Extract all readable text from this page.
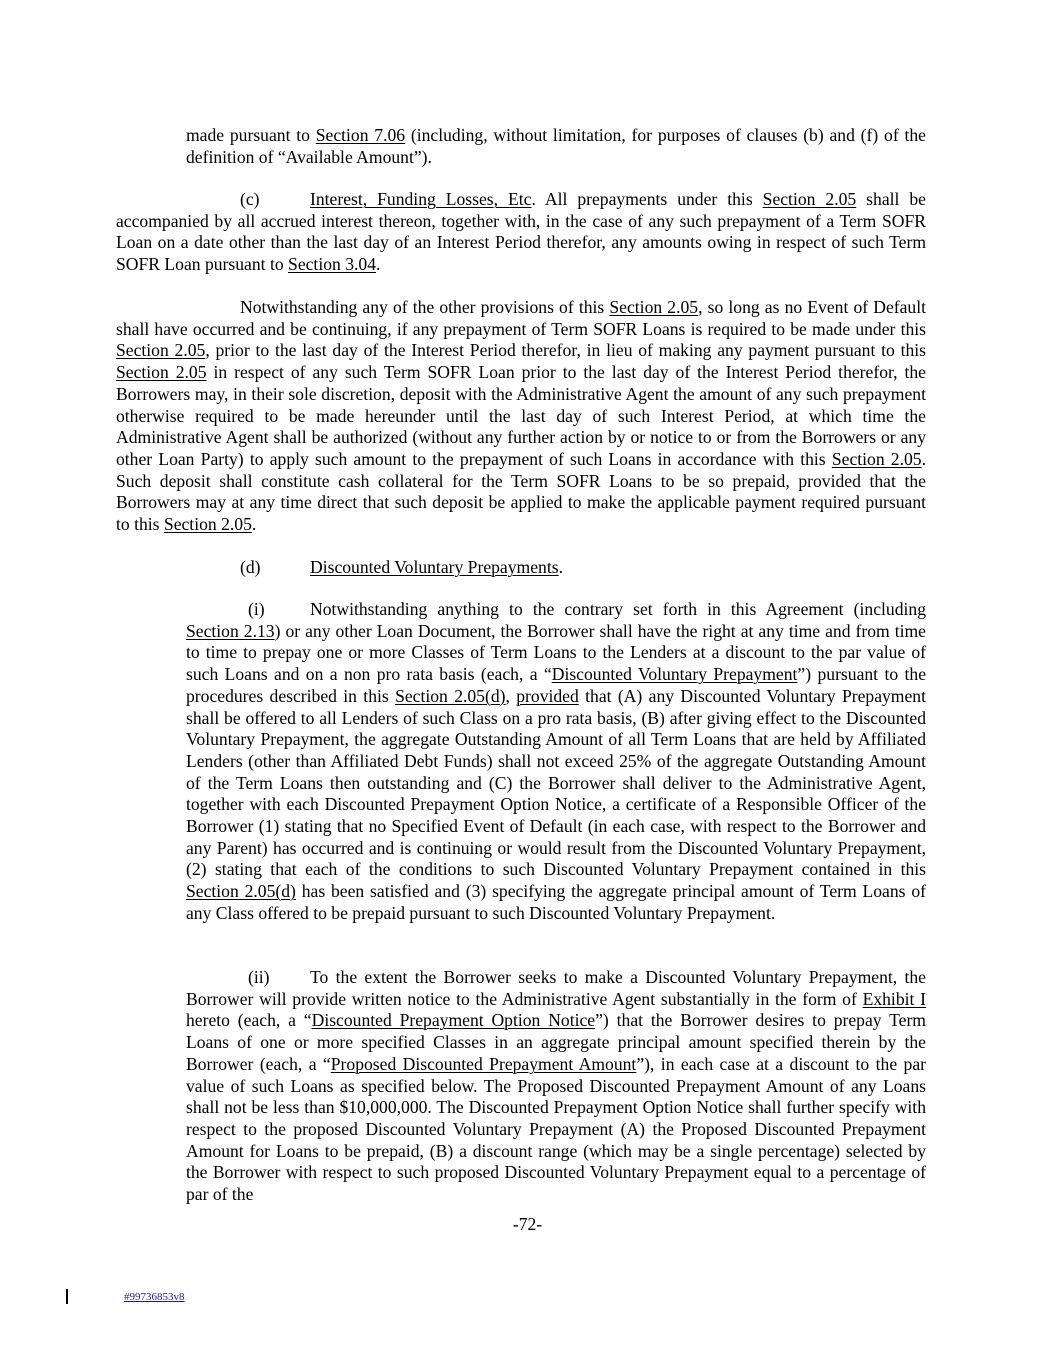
made pursuant to Section 7.06 (including, without limitation, for purposes of clauses (b) and (f) of the definition of “Available Amount”).

(c)	Interest, Funding Losses, Etc. All prepayments under this Section 2.05 shall be accompanied by all accrued interest thereon, together with, in the case of any such prepayment of a Term SOFR Loan on a date other than the last day of an Interest Period therefor, any amounts owing in respect of such Term SOFR Loan pursuant to Section 3.04.

Notwithstanding any of the other provisions of this Section 2.05, so long as no Event of Default shall have occurred and be continuing, if any prepayment of Term SOFR Loans is required to be made under this Section 2.05, prior to the last day of the Interest Period therefor, in lieu of making any payment pursuant to this Section 2.05 in respect of any such Term SOFR Loan prior to the last day of the Interest Period therefor, the Borrowers may, in their sole discretion, deposit with the Administrative Agent the amount of any such prepayment otherwise required to be made hereunder until the last day of such Interest Period, at which time the Administrative Agent shall be authorized (without any further action by or notice to or from the Borrowers or any other Loan Party) to apply such amount to the prepayment of such Loans in accordance with this Section 2.05. Such deposit shall constitute cash collateral for the Term SOFR Loans to be so prepaid, provided that the Borrowers may at any time direct that such deposit be applied to make the applicable payment required pursuant to this Section 2.05.

(d)	Discounted Voluntary Prepayments.

(i)	Notwithstanding anything to the contrary set forth in this Agreement (including Section 2.13) or any other Loan Document, the Borrower shall have the right at any time and from time to time to prepay one or more Classes of Term Loans to the Lenders at a discount to the par value of such Loans and on a non pro rata basis (each, a “Discounted Voluntary Prepayment”) pursuant to the procedures described in this Section 2.05(d), provided that (A) any Discounted Voluntary Prepayment shall be offered to all Lenders of such Class on a pro rata basis, (B) after giving effect to the Discounted Voluntary Prepayment, the aggregate Outstanding Amount of all Term Loans that are held by Affiliated Lenders (other than Affiliated Debt Funds) shall not exceed 25% of the aggregate Outstanding Amount of the Term Loans then outstanding and (C) the Borrower shall deliver to the Administrative Agent, together with each Discounted Prepayment Option Notice, a certificate of a Responsible Officer of the Borrower (1) stating that no Specified Event of Default (in each case, with respect to the Borrower and any Parent) has occurred and is continuing or would result from the Discounted Voluntary Prepayment, (2) stating that each of the conditions to such Discounted Voluntary Prepayment contained in this Section 2.05(d) has been satisfied and (3) specifying the aggregate principal amount of Term Loans of any Class offered to be prepaid pursuant to such Discounted Voluntary Prepayment.

(ii) To the extent the Borrower seeks to make a Discounted Voluntary Prepayment, the Borrower will provide written notice to the Administrative Agent substantially in the form of Exhibit I hereto (each, a “Discounted Prepayment Option Notice”) that the Borrower desires to prepay Term Loans of one or more specified Classes in an aggregate principal amount specified therein by the Borrower (each, a “Proposed Discounted Prepayment Amount”), in each case at a discount to the par value of such Loans as specified below. The Proposed Discounted Prepayment Amount of any Loans shall not be less than $10,000,000. The Discounted Prepayment Option Notice shall further specify with respect to the proposed Discounted Voluntary Prepayment (A) the Proposed Discounted Prepayment Amount for Loans to be prepaid, (B) a discount range (which may be a single percentage) selected by the Borrower with respect to such proposed Discounted Voluntary Prepayment equal to a percentage of par of the

-72-
#99736853v8
